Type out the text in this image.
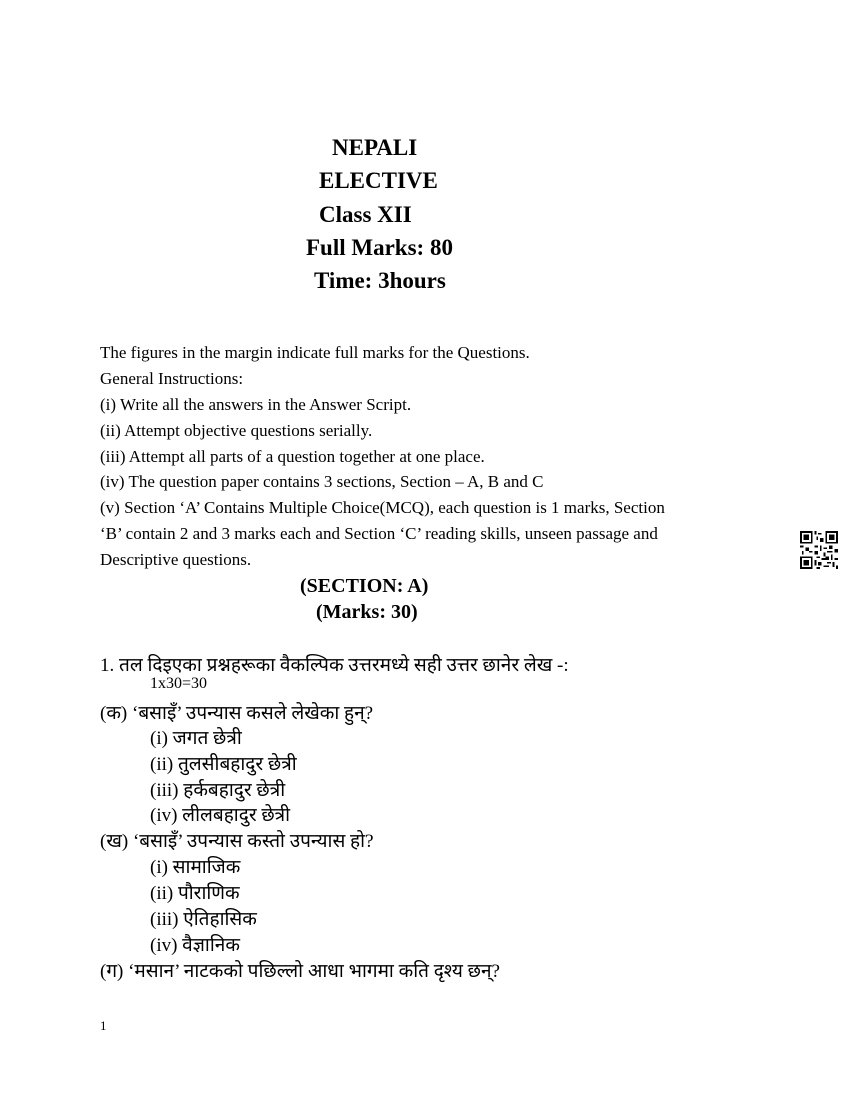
NEPALI
ELECTIVE
Class XII
Full Marks: 80
Time: 3hours
The figures in the margin indicate full marks for the Questions.
General Instructions:
(i) Write all the answers in the Answer Script.
(ii) Attempt objective questions serially.
(iii) Attempt all parts of a question together at one place.
(iv) The question paper contains 3 sections, Section – A, B and C
(v) Section ‘A’ Contains Multiple Choice(MCQ), each question is 1 marks, Section
‘B’ contain 2 and 3 marks each and Section ‘C’ reading skills, unseen passage and
Descriptive questions.
(SECTION: A)
(Marks: 30)
1. तल दिइएका प्रश्नहरूका वैकल्पिक उत्तरमध्ये सही उत्तर छानेर लेख -:
1x30=30
(क) ‘बसाइँ’ उपन्यास कसले लेखेका हुन्?
(i) जगत छेत्री
(ii) तुलसीबहादुर छेत्री
(iii) हर्कबहादुर छेत्री
(iv) लीलबहादुर छेत्री
(ख) ‘बसाइँ’ उपन्यास कस्तो उपन्यास हो?
(i) सामाजिक
(ii) पौराणिक
(iii) ऐतिहासिक
(iv) वैज्ञानिक
(ग) ‘मसान’ नाटकको पछिल्लो आधा भागमा कति दृश्य छन्?
1
